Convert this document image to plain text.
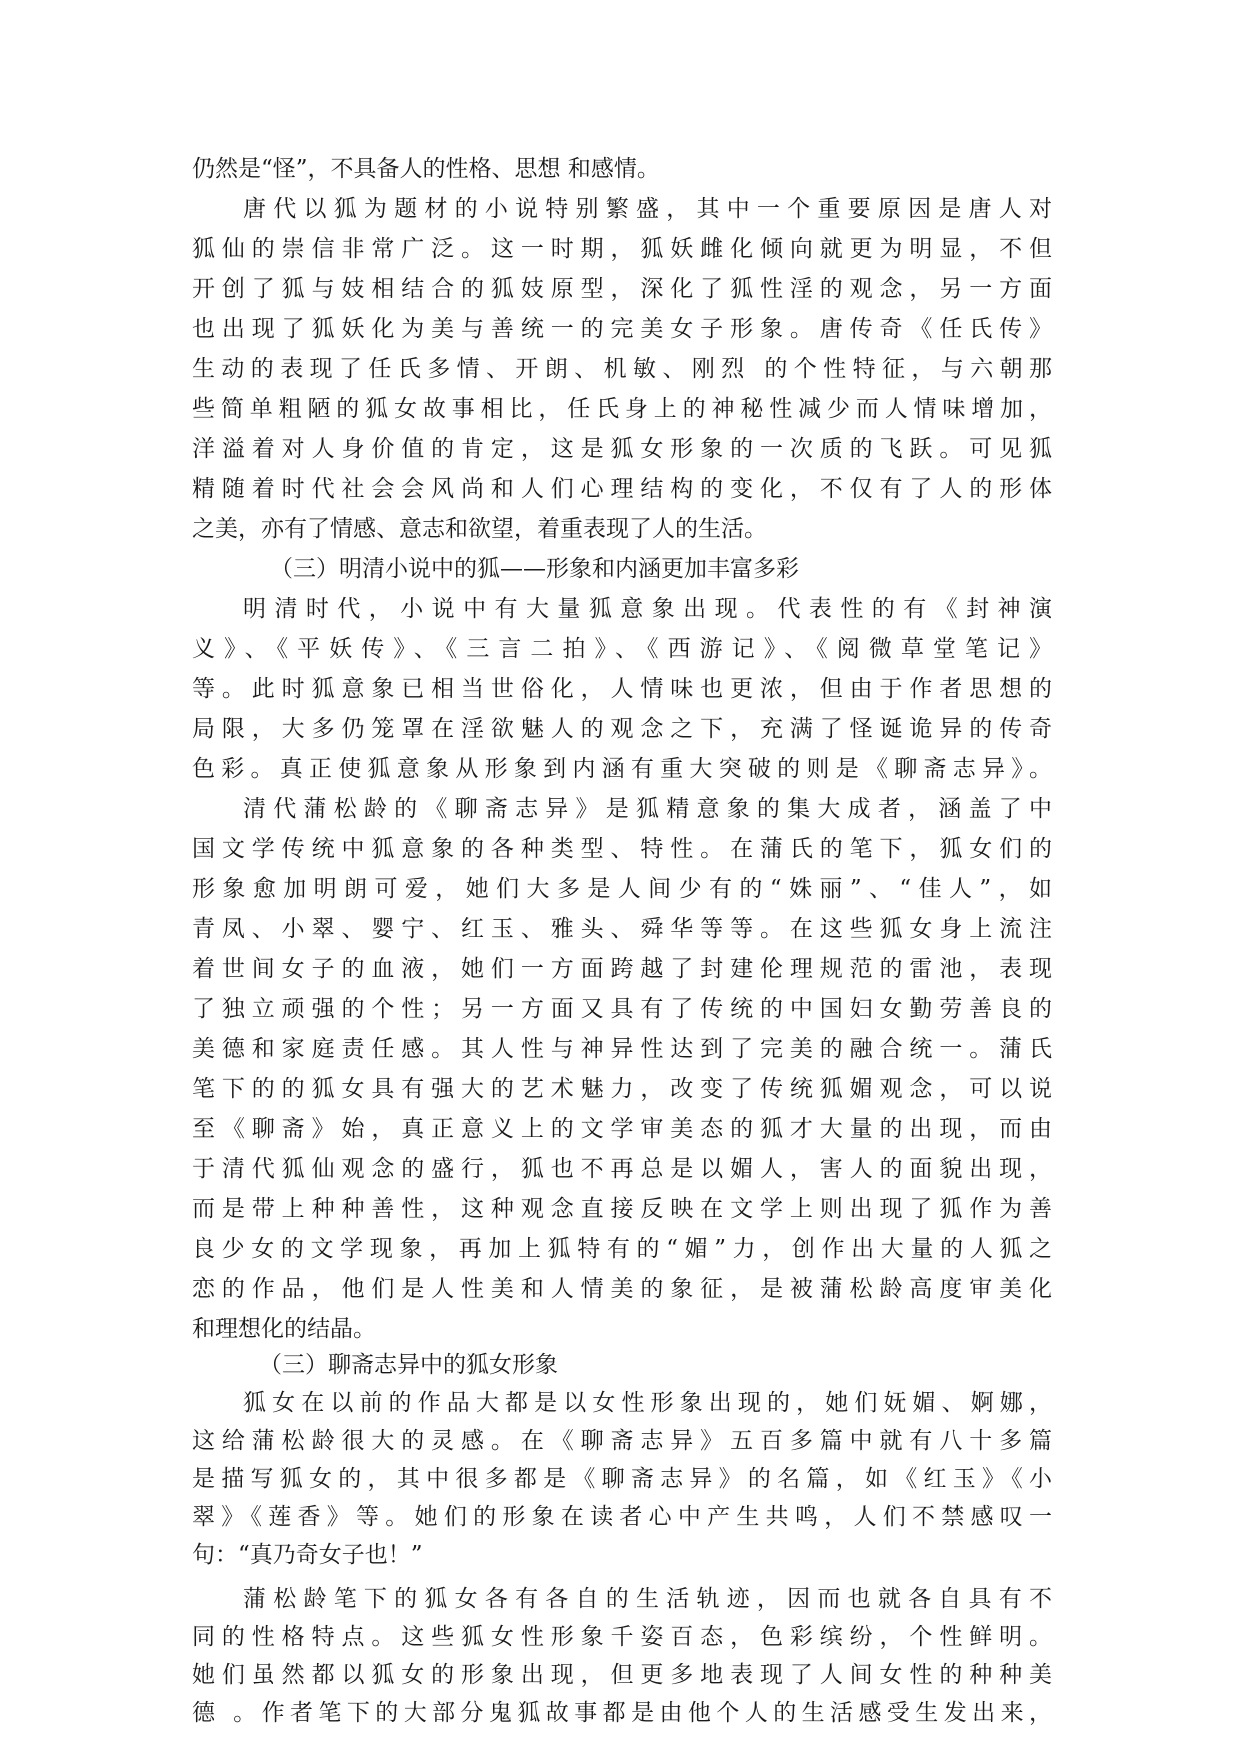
仍然是“怪”，不具备人的性格、思想 和感情。
唐代以狐为题材的小说特别繁盛，其中一个重要原因是唐人对
狐仙的崇信非常广泛。这一时期，狐妖雌化倾向就更为明显，不但
开创了狐与妓相结合的狐妓原型，深化了狐性淫的观念，另一方面
也出现了狐妖化为美与善统一的完美女子形象。唐传奇《任氏传》
生动的表现了任氏多情、开朗、机敏、刚烈 的个性特征，与六朝那
些简单粗陋的狐女故事相比，任氏身上的神秘性减少而人情味增加，
洋溢着对人身价值的肯定，这是狐女形象的一次质的飞跃。可见狐
精随着时代社会会风尚和人们心理结构的变化，不仅有了人的形体
之美，亦有了情感、意志和欲望，着重表现了人的生活。
（三）明清小说中的狐——形象和内涵更加丰富多彩
明清时代，小说中有大量狐意象出现。代表性的有《封神演
义》、《平妖传》、《三言二拍》、《西游记》、《阅微草堂笔记》
等。此时狐意象已相当世俗化，人情味也更浓，但由于作者思想的
局限，大多仍笼罩在淫欲魅人的观念之下，充满了怪诞诡异的传奇
色彩。真正使狐意象从形象到内涵有重大突破的则是《聊斋志异》。
清代蒲松龄的《聊斋志异》是狐精意象的集大成者，涵盖了中
国文学传统中狐意象的各种类型、特性。在蒲氏的笔下，狐女们的
形象愈加明朗可爱，她们大多是人间少有的“姝丽”、“佳人”，如
青凤、小翠、婴宁、红玉、雅头、舜华等等。在这些狐女身上流注
着世间女子的血液，她们一方面跨越了封建伦理规范的雷池，表现
了独立顽强的个性；另一方面又具有了传统的中国妇女勤劳善良的
美德和家庭责任感。其人性与神异性达到了完美的融合统一。蒲氏
笔下的的狐女具有强大的艺术魅力，改变了传统狐媚观念，可以说
至《聊斋》始，真正意义上的文学审美态的狐才大量的出现，而由
于清代狐仙观念的盛行，狐也不再总是以媚人，害人的面貌出现，
而是带上种种善性，这种观念直接反映在文学上则出现了狐作为善
良少女的文学现象，再加上狐特有的“媚”力，创作出大量的人狐之
恋的作品，他们是人性美和人情美的象征，是被蒲松龄高度审美化
和理想化的结晶。
（三）聊斋志异中的狐女形象
狐女在以前的作品大都是以女性形象出现的，她们妩媚、婀娜，
这给蒲松龄很大的灵感。在《聊斋志异》五百多篇中就有八十多篇
是描写狐女的，其中很多都是《聊斋志异》的名篇，如《红玉》《小
翠》《莲香》等。她们的形象在读者心中产生共鸣，人们不禁感叹一
句：“真乃奇女子也！”
蒲松龄笔下的狐女各有各自的生活轨迹，因而也就各自具有不
同的性格特点。这些狐女性形象千姿百态，色彩缤纷，个性鲜明。
她们虽然都以狐女的形象出现，但更多地表现了人间女性的种种美
德 。作者笔下的大部分鬼狐故事都是由他个人的生活感受生发出来，
